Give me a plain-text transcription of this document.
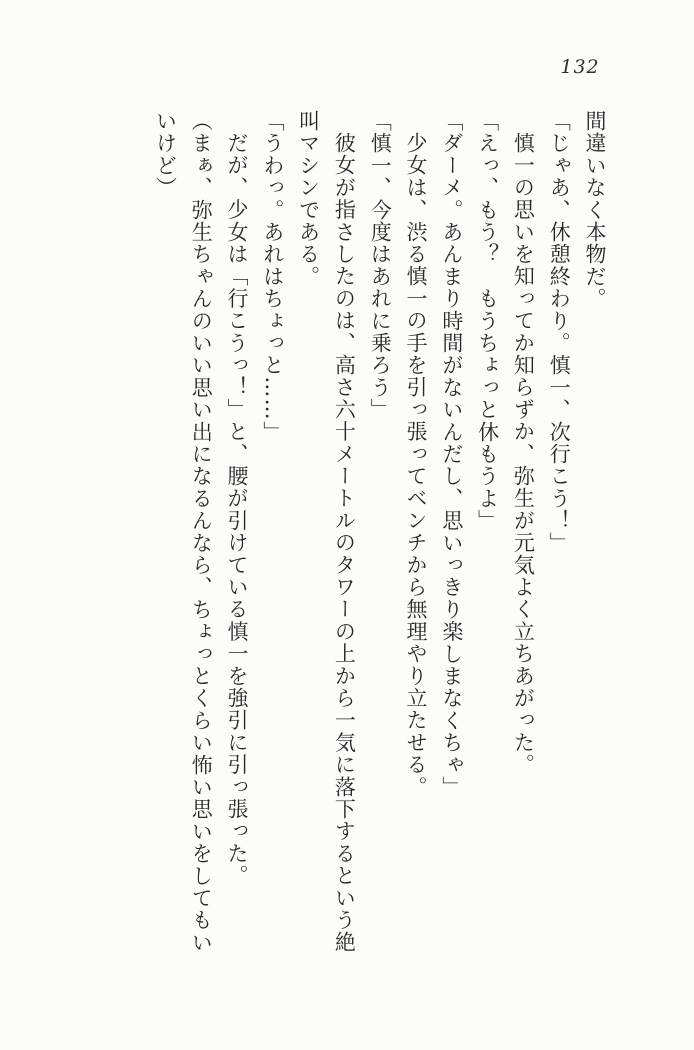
132

間違いなく本物だ。

「じゃあ、休憩終わり。慎一、次行こう！」

慎一の思いを知ってか知らずか、弥生が元気よく立ちあがった。

「えっ、もう？　もうちょっと休もうよ」

「ダーメ。あんまり時間がないんだし、思いっきり楽しまなくちゃ」

少女は、渋る慎一の手を引っ張ってベンチから無理やり立たせる。

「慎一、今度はあれに乗ろう」

彼女が指さしたのは、高さ六十メートルのタワーの上から一気に落下するという絶叫マシンである。

「うわっ。あれはちょっと……」

だが、少女は「行こうっ！」と、腰が引けている慎一を強引に引っ張った。

（まぁ、弥生ちゃんのいい思い出になるんなら、ちょっとくらい怖い思いをしてもいいけど）
